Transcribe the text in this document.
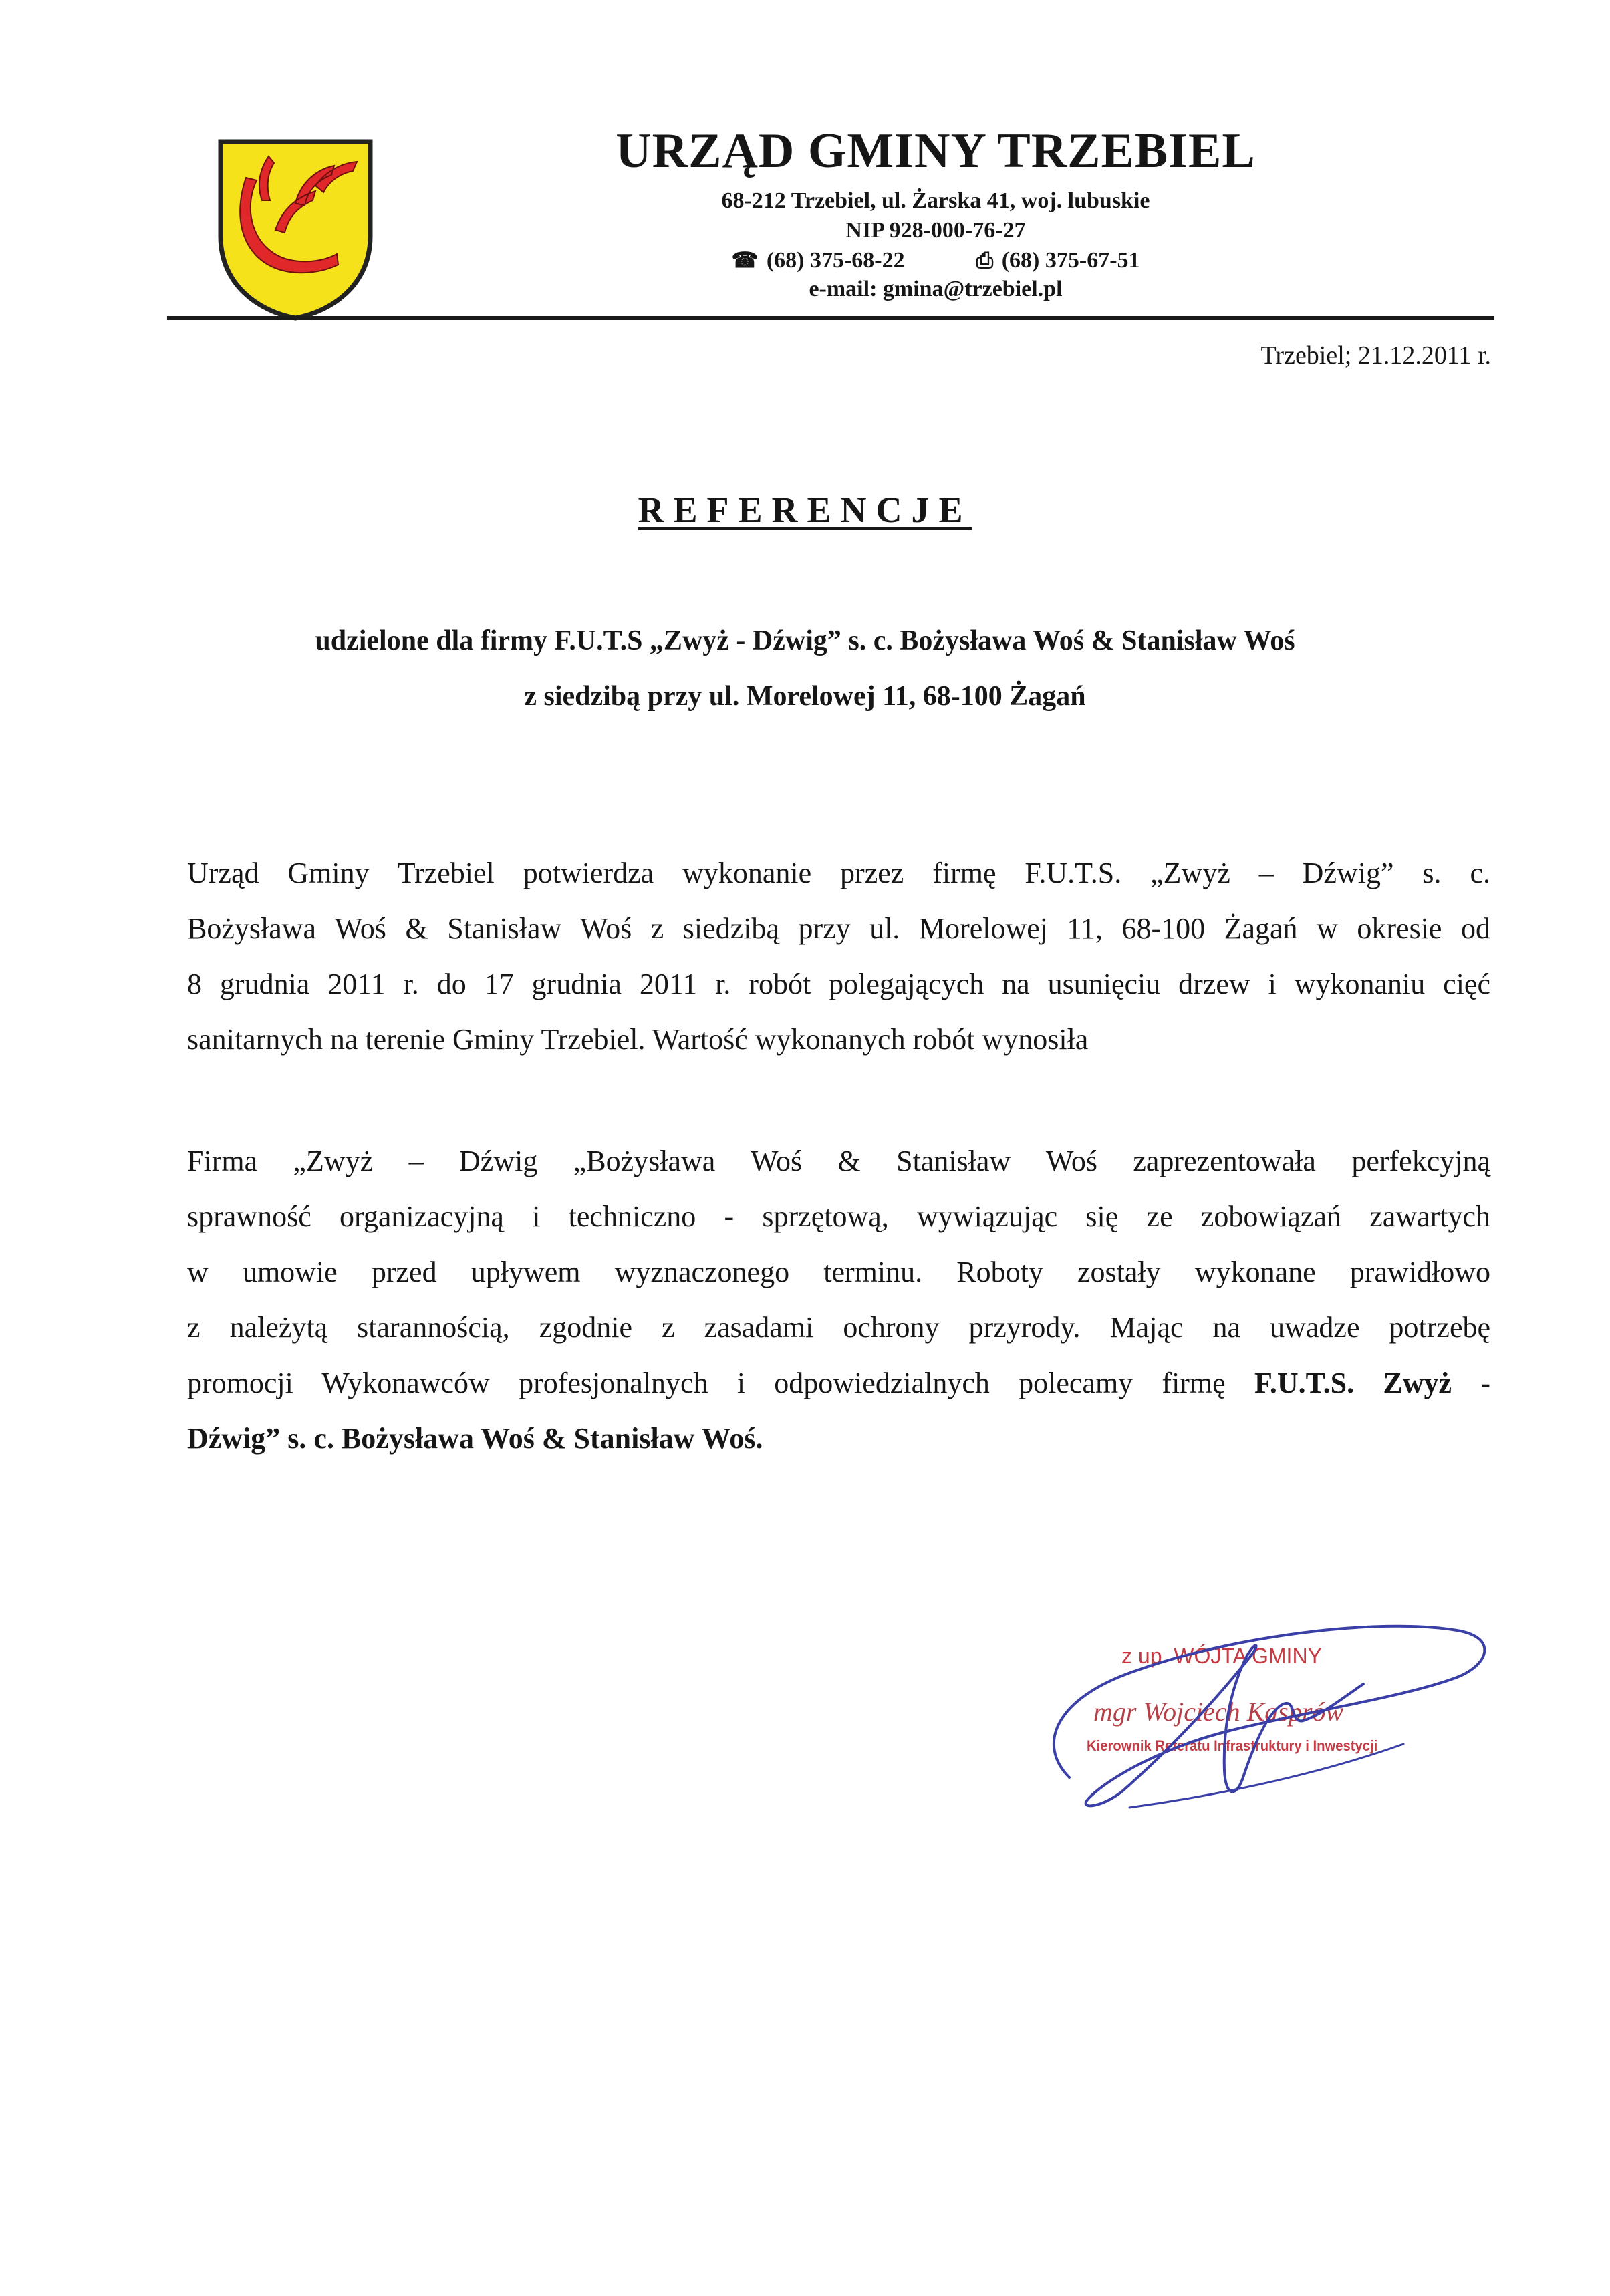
URZĄD GMINY TRZEBIEL
68-212 Trzebiel, ul. Żarska 41, woj. lubuskie
NIP 928-000-76-27
☎ (68) 375-68-22	⎙ (68) 375-67-51
e-mail: gmina@trzebiel.pl
Trzebiel; 21.12.2011 r.
REFERENCJE
udzielone dla firmy F.U.T.S „Zwyż - Dźwig” s. c. Bożysława Woś & Stanisław Woś
z siedzibą przy ul. Morelowej 11, 68-100 Żagań
Urząd Gminy Trzebiel potwierdza wykonanie przez firmę F.U.T.S. „Zwyż – Dźwig” s. c.
Bożysława Woś & Stanisław Woś z siedzibą przy ul. Morelowej 11, 68-100 Żagań w okresie od
8 grudnia 2011 r. do 17 grudnia 2011 r. robót polegających na usunięciu drzew i wykonaniu cięć
sanitarnych na terenie Gminy Trzebiel. Wartość wykonanych robót wynosiła
Firma „Zwyż – Dźwig „Bożysława Woś & Stanisław Woś zaprezentowała perfekcyjną
sprawność organizacyjną i techniczno - sprzętową, wywiązując się ze zobowiązań zawartych
w umowie przed upływem wyznaczonego terminu. Roboty zostały wykonane prawidłowo
z należytą starannością, zgodnie z zasadami ochrony przyrody. Mając na uwadze potrzebę
promocji Wykonawców profesjonalnych i odpowiedzialnych polecamy firmę F.U.T.S. Zwyż -
Dźwig” s. c. Bożysława Woś & Stanisław Woś.
z up. WÓJTA GMINY
mgr Wojciech Kasprów
Kierownik Referatu Infrastruktury i Inwestycji
